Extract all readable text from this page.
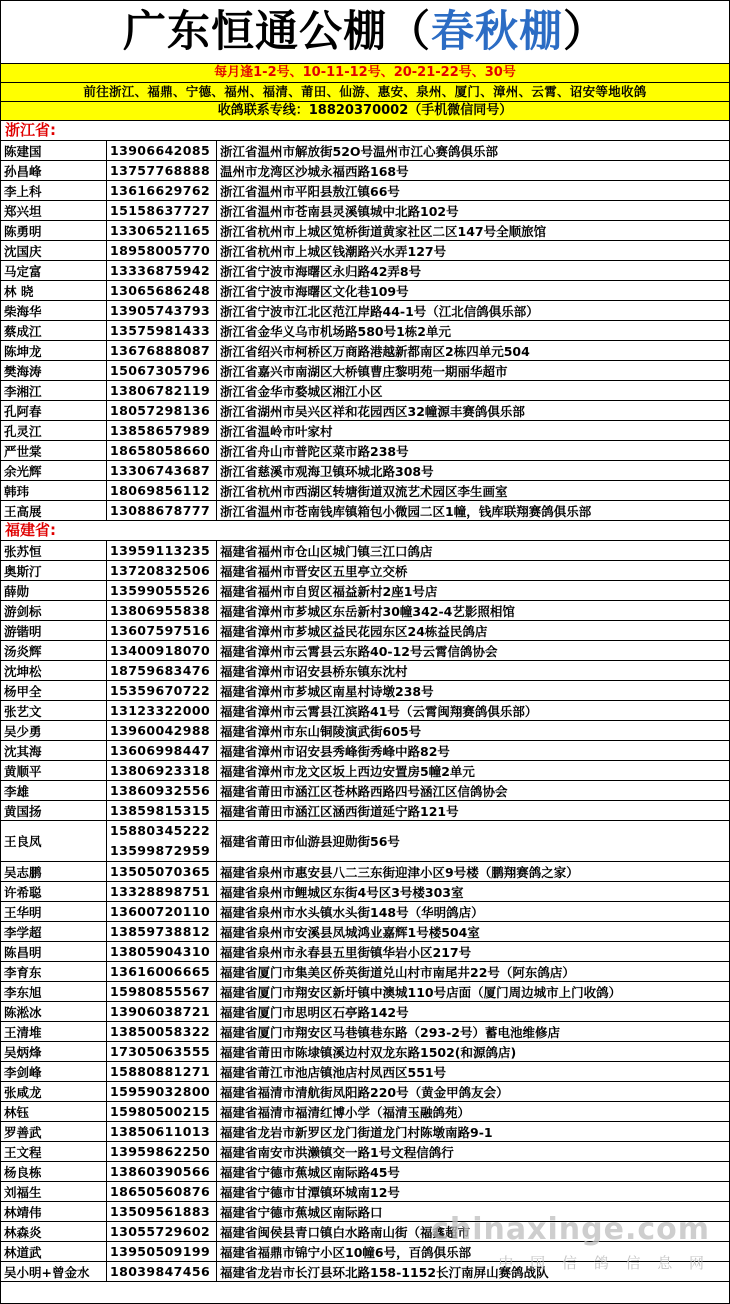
广东恒通公棚（春秋棚）
每月逢1-2号、10-11-12号、20-21-22号、30号
前往浙江、福鼎、宁德、福州、福清、莆田、仙游、惠安、泉州、厦门、漳州、云霄、诏安等地收鸽
收鸽联系专线：18820370002（手机微信同号）
浙江省:
陈建国	13906642085	浙江省温州市解放街52O号温州市江心赛鸽俱乐部
孙昌峰	13757768888	温州市龙湾区沙城永福西路168号
李上科	13616629762	浙江省温州市平阳县敖江镇66号
郑兴坦	15158637727	浙江省温州市苍南县灵溪镇城中北路102号
陈勇明	13306521165	浙江省杭州市上城区笕桥街道黄家社区二区147号全顺旅馆
沈国庆	18958005770	浙江省杭州市上城区钱潮路兴水弄127号
马定富	13336875942	浙江省宁波市海曙区永归路42弄8号
林 晓	13065686248	浙江省宁波市海曙区文化巷109号
柴海华	13905743793	浙江省宁波市江北区范江岸路44-1号（江北信鸽俱乐部）
蔡成江	13575981433	浙江省金华义乌市机场路580号1栋2单元
陈坤龙	13676888087	浙江省绍兴市柯桥区万商路港越新都南区2栋四单元504
樊海涛	15067305796	浙江省嘉兴市南湖区大桥镇曹庄黎明苑一期丽华超市
李湘江	13806782119	浙江省金华市婺城区湘江小区
孔阿春	18057298136	浙江省湖州市吴兴区祥和花园西区32幢源丰赛鸽俱乐部
孔灵江	13858657989	浙江省温岭市叶家村
严世棠	18658058660	浙江省舟山市普陀区菜市路238号
余光辉	13306743687	浙江省慈溪市观海卫镇环城北路308号
韩玮	18069856112	浙江省杭州市西湖区转塘街道双流艺术园区李生画室
王高展	13088678777	浙江省温州市苍南钱库镇箱包小微园二区1幢，钱库联翔赛鸽俱乐部
福建省:
张苏恒	13959113235	福建省福州市仓山区城门镇三江口鸽店
奥斯汀	13720832506	福建省福州市晋安区五里亭立交桥
薛勋	13599055526	福建省福州市自贸区福益新村2座1号店
游剑标	13806955838	福建省漳州市芗城区东岳新村30幢342-4艺影照相馆
游锴明	13607597516	福建省漳州市芗城区益民花园东区24栋益民鸽店
汤炎辉	13400918070	福建省漳州市云霄县云东路40-12号云霄信鸽协会
沈坤松	18759683476	福建省漳州市诏安县桥东镇东沈村
杨甲全	15359670722	福建省漳州市芗城区南星村诗墩238号
张艺文	13123322000	福建省漳州市云霄县江滨路41号（云霄闽翔赛鸽俱乐部）
吴少勇	13960042988	福建省漳州市东山铜陵演武街605号
沈其海	13606998447	福建省漳州市诏安县秀峰街秀峰中路82号
黄顺平	13806923318	福建省漳州市龙文区坂上西边安置房5幢2单元
李雄	13860932556	福建省莆田市涵江区苍林路西路四号涵江区信鸽协会
黄国扬	13859815315	福建省莆田市涵江区涵西街道延宁路121号
王良凤	15880345222
13599872959	福建省莆田市仙游县迎勋街56号
吴志鹏	13505070365	福建省泉州市惠安县八二三东街迎津小区9号楼（鹏翔赛鸽之家）
许希聪	13328898751	福建省泉州市鲤城区东街4号区3号楼303室
王华明	13600720110	福建省泉州市水头镇水头街148号（华明鸽店）
李学超	13859738812	福建省泉州市安溪县凤城鸿业嘉辉1号楼504室
陈昌明	13805904310	福建省泉州市永春县五里街镇华岩小区217号
李育东	13616006665	福建省厦门市集美区侨英街道兑山村市南尾井22号（阿东鸽店）
李东旭	15980855567	福建省厦门市翔安区新圩镇中澳城110号店面（厦门周边城市上门收鸽）
陈淞冰	13906038721	福建省厦门市思明区石亭路142号
王清堆	13850058322	福建省厦门市翔安区马巷镇巷东路（293-2号）蓄电池维修店
吴炳烽	17305063555	福建省莆田市陈埭镇溪边村双龙东路1502(和源鸽店)
李剑峰	15880881271	福建省莆江市池店镇池店村凤西区551号
张咸龙	15959032800	福建省福清市清航街凤阳路220号（黄金甲鸽友会）
林钰	15980500215	福建省福清市福清红博小学（福清玉融鸽苑）
罗善武	13850611013	福建省龙岩市新罗区龙门街道龙门村陈墩南路9-1
王文程	13959862250	福建省南安市洪濑镇交一路1号文程信鸽行
杨良栋	13860390566	福建省宁德市蕉城区南际路45号
刘福生	18650560876	福建省宁德市甘潭镇环城南12号
林靖伟	13509561883	福建省宁德市蕉城区南际路口
林森炎	13055729602	福建省闽侯县青口镇白水路南山街（福鑫超市
林道武	13950509199	福建省福鼎市锦宁小区10幢6号，百鸽俱乐部
吴小明+曾金水	18039847456	福建省龙岩市长汀县环北路158-1152长汀南屏山赛鸽战队
chinaxinge.com
中 国 信 鸽 信 息 网
